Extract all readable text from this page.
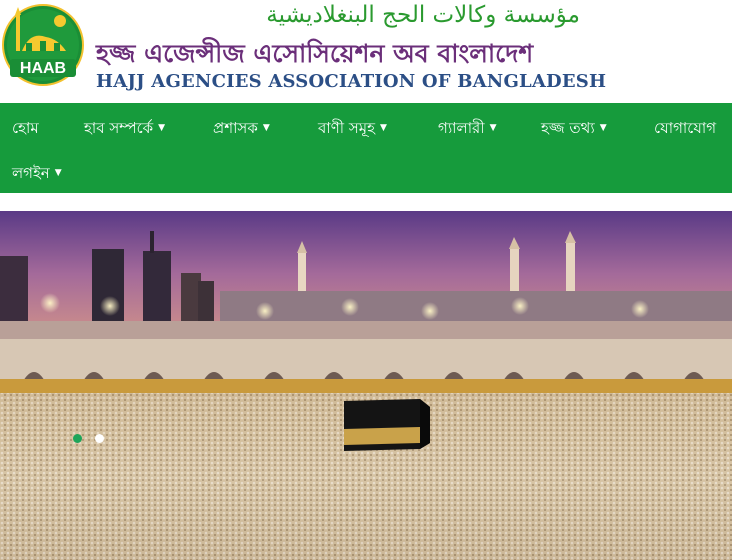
HAAB
مؤسسة وكالات الحج البنغلاديشية
হজ্জ এজেন্সীজ এসোসিয়েশন অব বাংলাদেশ
HAJJ AGENCIES ASSOCIATION OF BANGLADESH
হোম	হাব সম্পর্কে ▼	প্রশাসক ▼	বাণী সমূহ ▼	গ্যালারী ▼	হজ্জ তথ্য ▼	যোগাযোগ
লগইন ▼
